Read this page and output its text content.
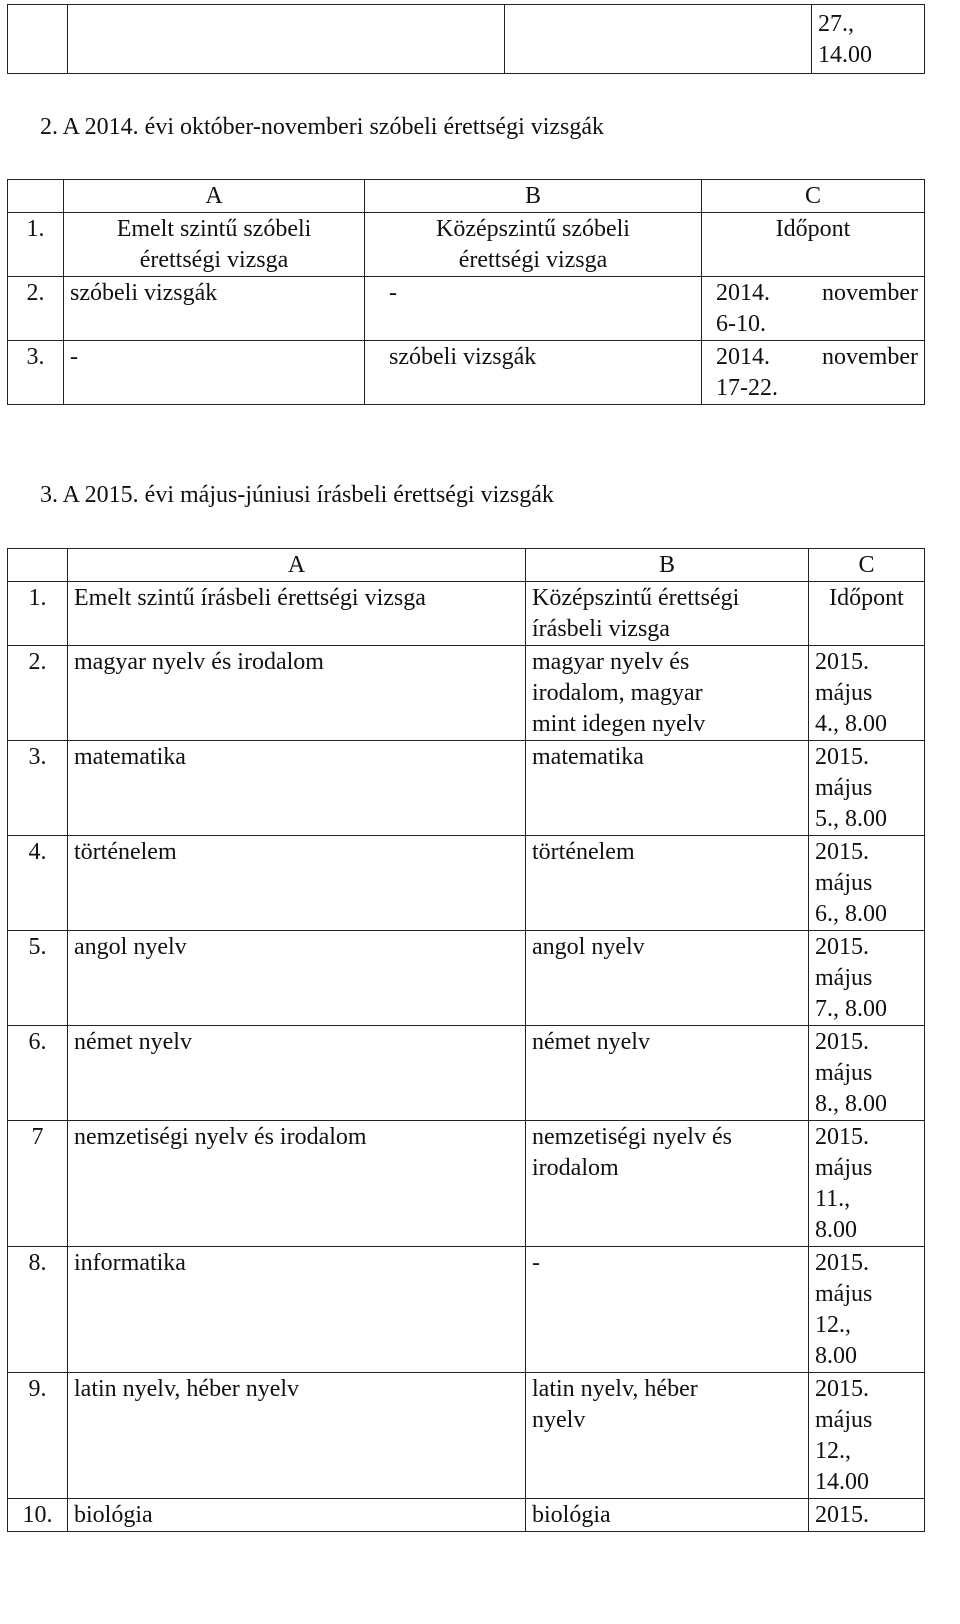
			27.,
14.00
2. A 2014. évi október-novemberi szóbeli érettségi vizsgák
	A	B	C
1.	Emelt szintű szóbeli
érettségi vizsga	Középszintű szóbeli
érettségi vizsga	Időpont
2.	szóbeli vizsgák	-	2014. november
6-10.

3.	-	szóbeli vizsgák	2014. november
17-22.
3. A 2015. évi május-júniusi írásbeli érettségi vizsgák
	A	B	C
1.	Emelt szintű írásbeli érettségi vizsga	Középszintű érettségi
írásbeli vizsga	Időpont
2.	magyar nyelv és irodalom	magyar nyelv és
irodalom, magyar
mint idegen nyelv	2015.
május
4., 8.00
3.	matematika	matematika	2015.
május
5., 8.00
4.	történelem	történelem	2015.
május
6., 8.00
5.	angol nyelv	angol nyelv	2015.
május
7., 8.00
6.	német nyelv	német nyelv	2015.
május
8., 8.00
7	nemzetiségi nyelv és irodalom	nemzetiségi nyelv és
irodalom	2015.
május
11.,
8.00
8.	informatika	-	2015.
május
12.,
8.00
9.	latin nyelv, héber nyelv	latin nyelv, héber
nyelv	2015.
május
12.,
14.00
10.	biológia	biológia	2015.
